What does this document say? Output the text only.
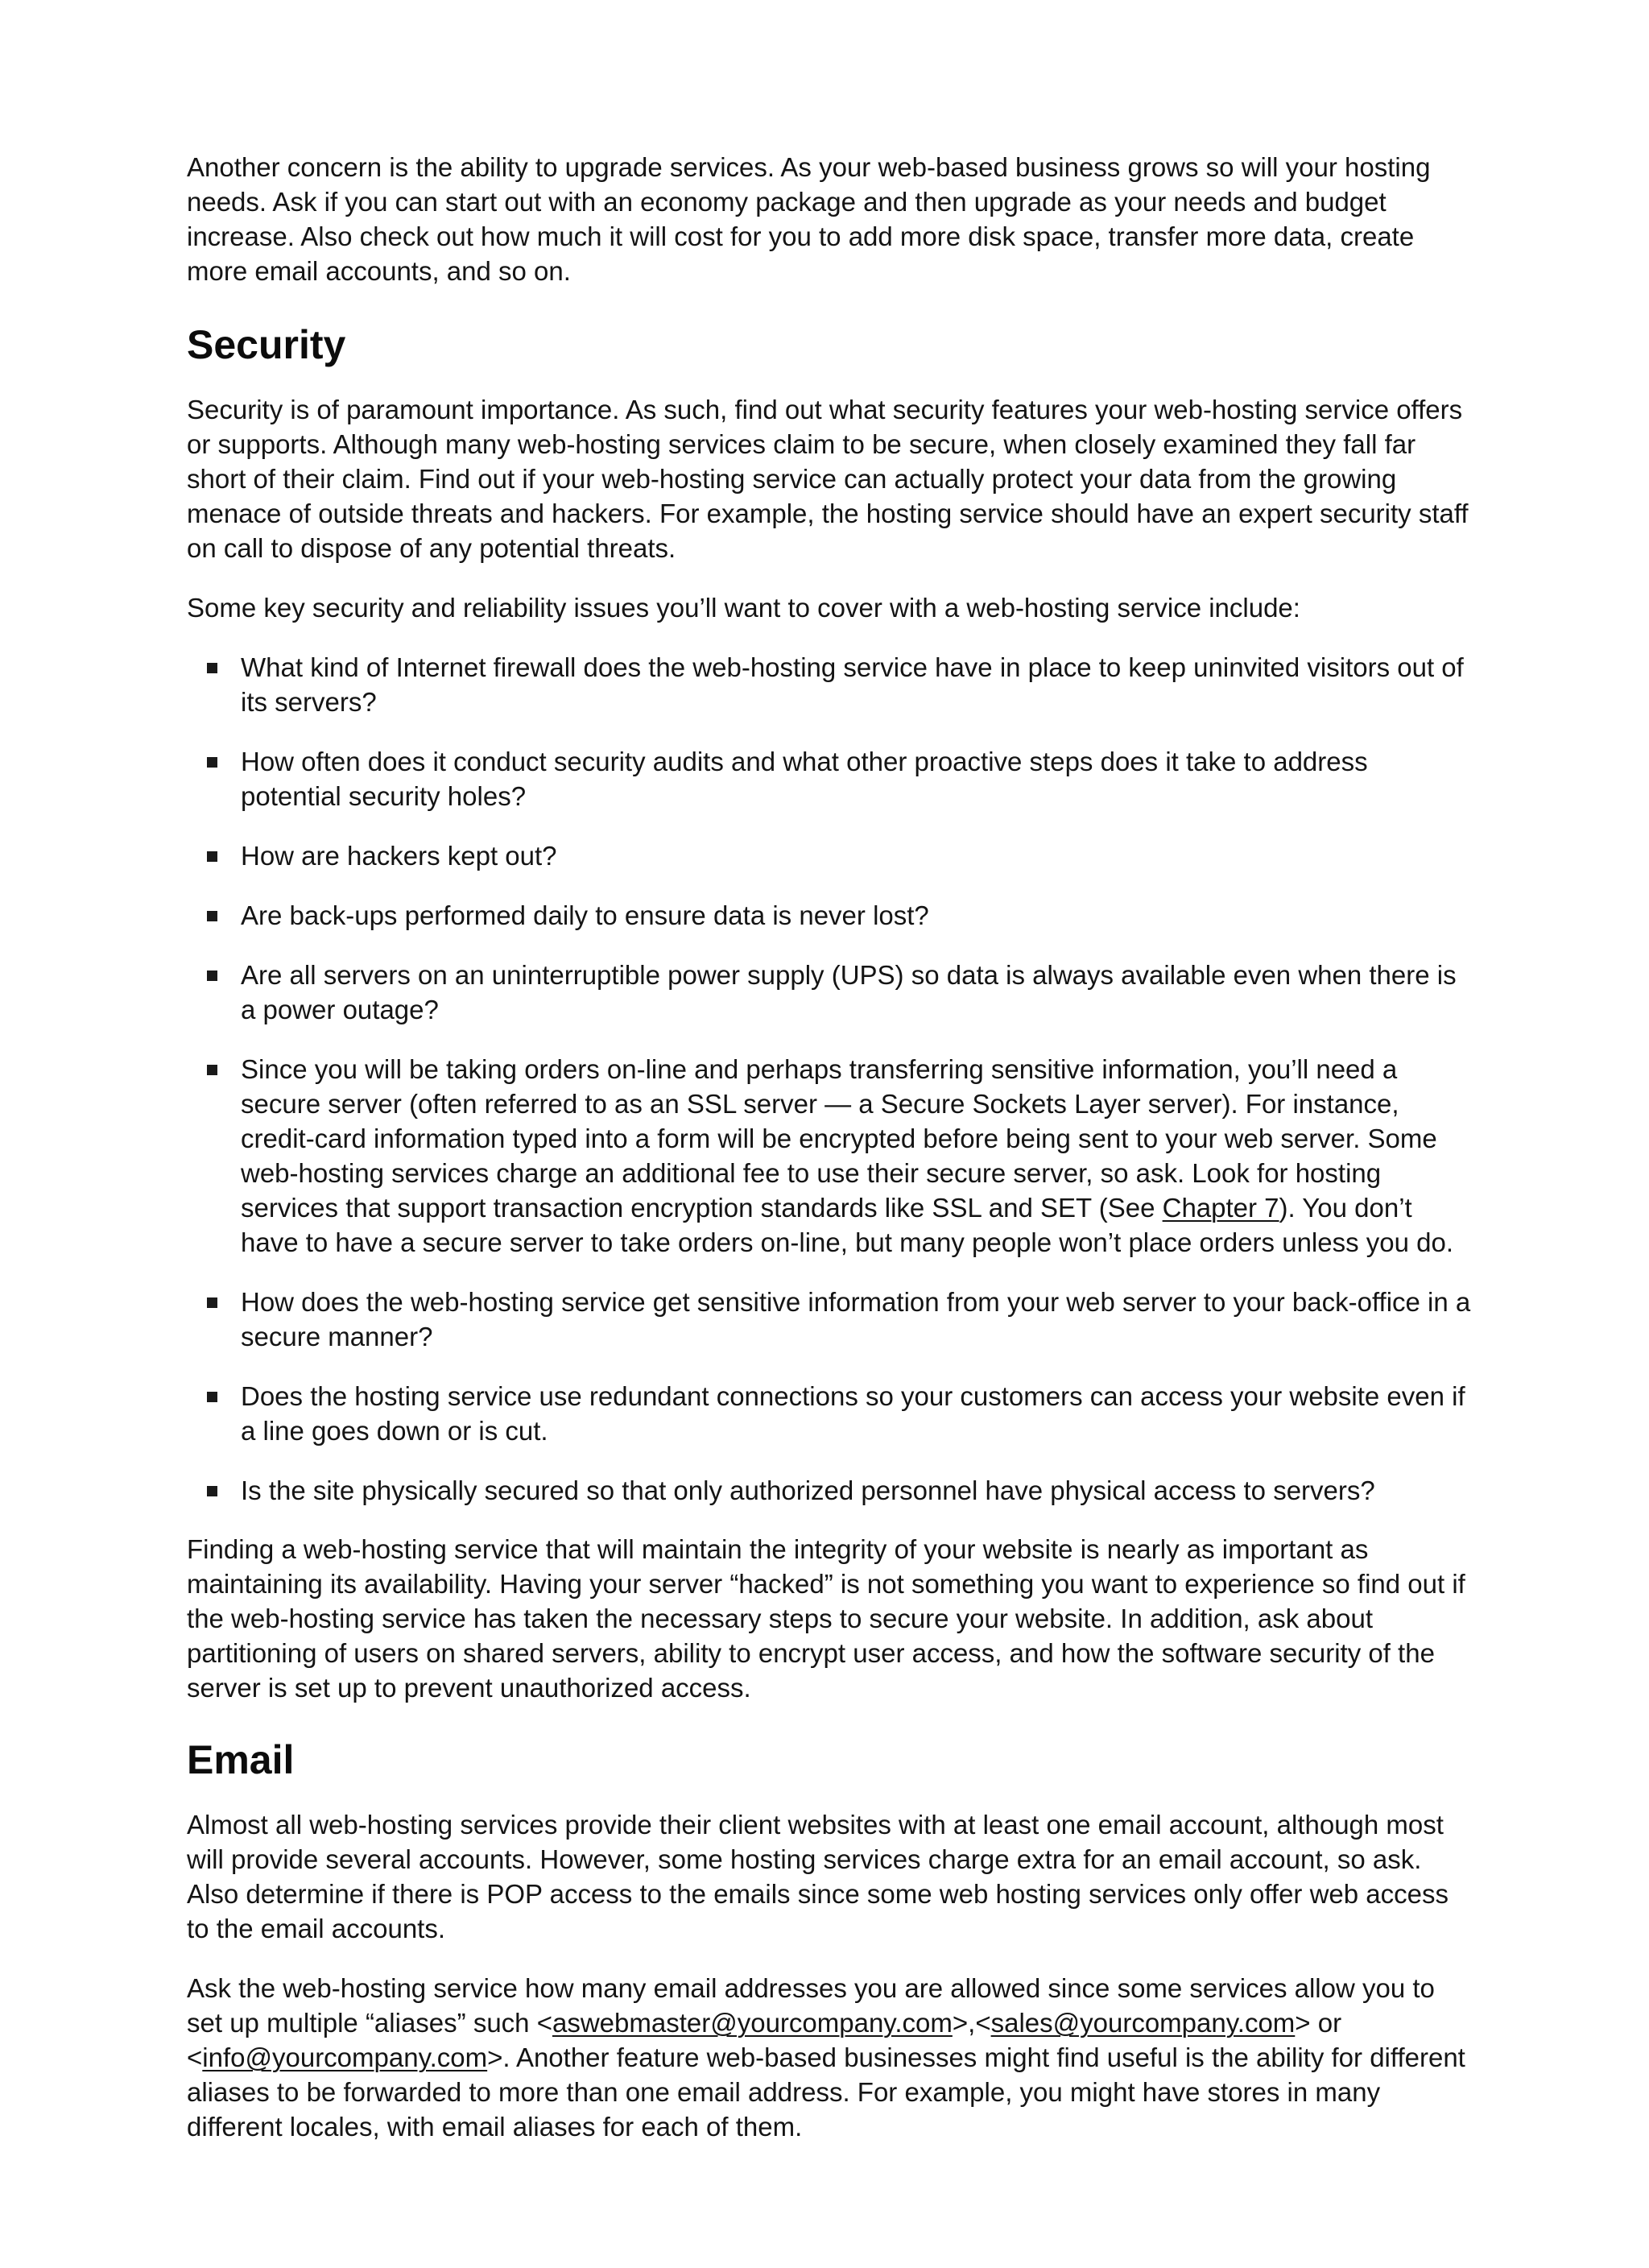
Another concern is the ability to upgrade services. As your web-based business grows so will your hosting needs. Ask if you can start out with an economy package and then upgrade as your needs and budget increase. Also check out how much it will cost for you to add more disk space, transfer more data, create more email accounts, and so on.

Security

Security is of paramount importance. As such, find out what security features your web-hosting service offers or supports. Although many web-hosting services claim to be secure, when closely examined they fall far short of their claim. Find out if your web-hosting service can actually protect your data from the growing menace of outside threats and hackers. For example, the hosting service should have an expert security staff on call to dispose of any potential threats.

Some key security and reliability issues you’ll want to cover with a web-hosting service include:

What kind of Internet firewall does the web-hosting service have in place to keep uninvited visitors out of its servers?
How often does it conduct security audits and what other proactive steps does it take to address potential security holes?
How are hackers kept out?
Are back-ups performed daily to ensure data is never lost?
Are all servers on an uninterruptible power supply (UPS) so data is always available even when there is a power outage?
Since you will be taking orders on-line and perhaps transferring sensitive information, you’ll need a secure server (often referred to as an SSL server — a Secure Sockets Layer server). For instance, credit-card information typed into a form will be encrypted before being sent to your web server. Some web-hosting services charge an additional fee to use their secure server, so ask. Look for hosting services that support transaction encryption standards like SSL and SET (See Chapter 7). You don’t have to have a secure server to take orders on-line, but many people won’t place orders unless you do.
How does the web-hosting service get sensitive information from your web server to your back-office in a secure manner?
Does the hosting service use redundant connections so your customers can access your website even if a line goes down or is cut.
Is the site physically secured so that only authorized personnel have physical access to servers?

Finding a web-hosting service that will maintain the integrity of your website is nearly as important as maintaining its availability. Having your server “hacked” is not something you want to experience so find out if the web-hosting service has taken the necessary steps to secure your website. In addition, ask about partitioning of users on shared servers, ability to encrypt user access, and how the software security of the server is set up to prevent unauthorized access.

Email

Almost all web-hosting services provide their client websites with at least one email account, although most will provide several accounts. However, some hosting services charge extra for an email account, so ask. Also determine if there is POP access to the emails since some web hosting services only offer web access to the email accounts.

Ask the web-hosting service how many email addresses you are allowed since some services allow you to set up multiple “aliases” such <aswebmaster@yourcompany.com>,<sales@yourcompany.com> or <info@yourcompany.com>. Another feature web-based businesses might find useful is the ability for different aliases to be forwarded to more than one email address. For example, you might have stores in many different locales, with email aliases for each of them.
